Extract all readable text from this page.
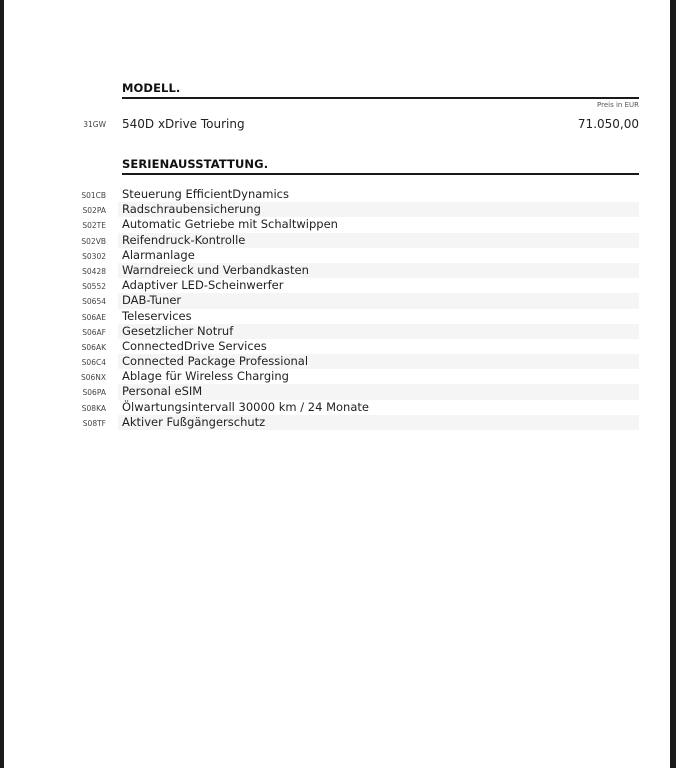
MODELL.
Preis in EUR
31GW 540D xDrive Touring	71.050,00
SERIENAUSSTATTUNG.
S01CB Steuerung EfficientDynamics
S02PA Radschraubensicherung
S02TE Automatic Getriebe mit Schaltwippen
S02VB Reifendruck-Kontrolle
S0302 Alarmanlage
S0428 Warndreieck und Verbandkasten
S0552 Adaptiver LED-Scheinwerfer
S0654 DAB-Tuner
S06AE Teleservices
S06AF Gesetzlicher Notruf
S06AK ConnectedDrive Services
S06C4 Connected Package Professional
S06NX Ablage für Wireless Charging
S06PA Personal eSIM
S08KA Ölwartungsintervall 30000 km / 24 Monate
S08TF Aktiver Fußgängerschutz
